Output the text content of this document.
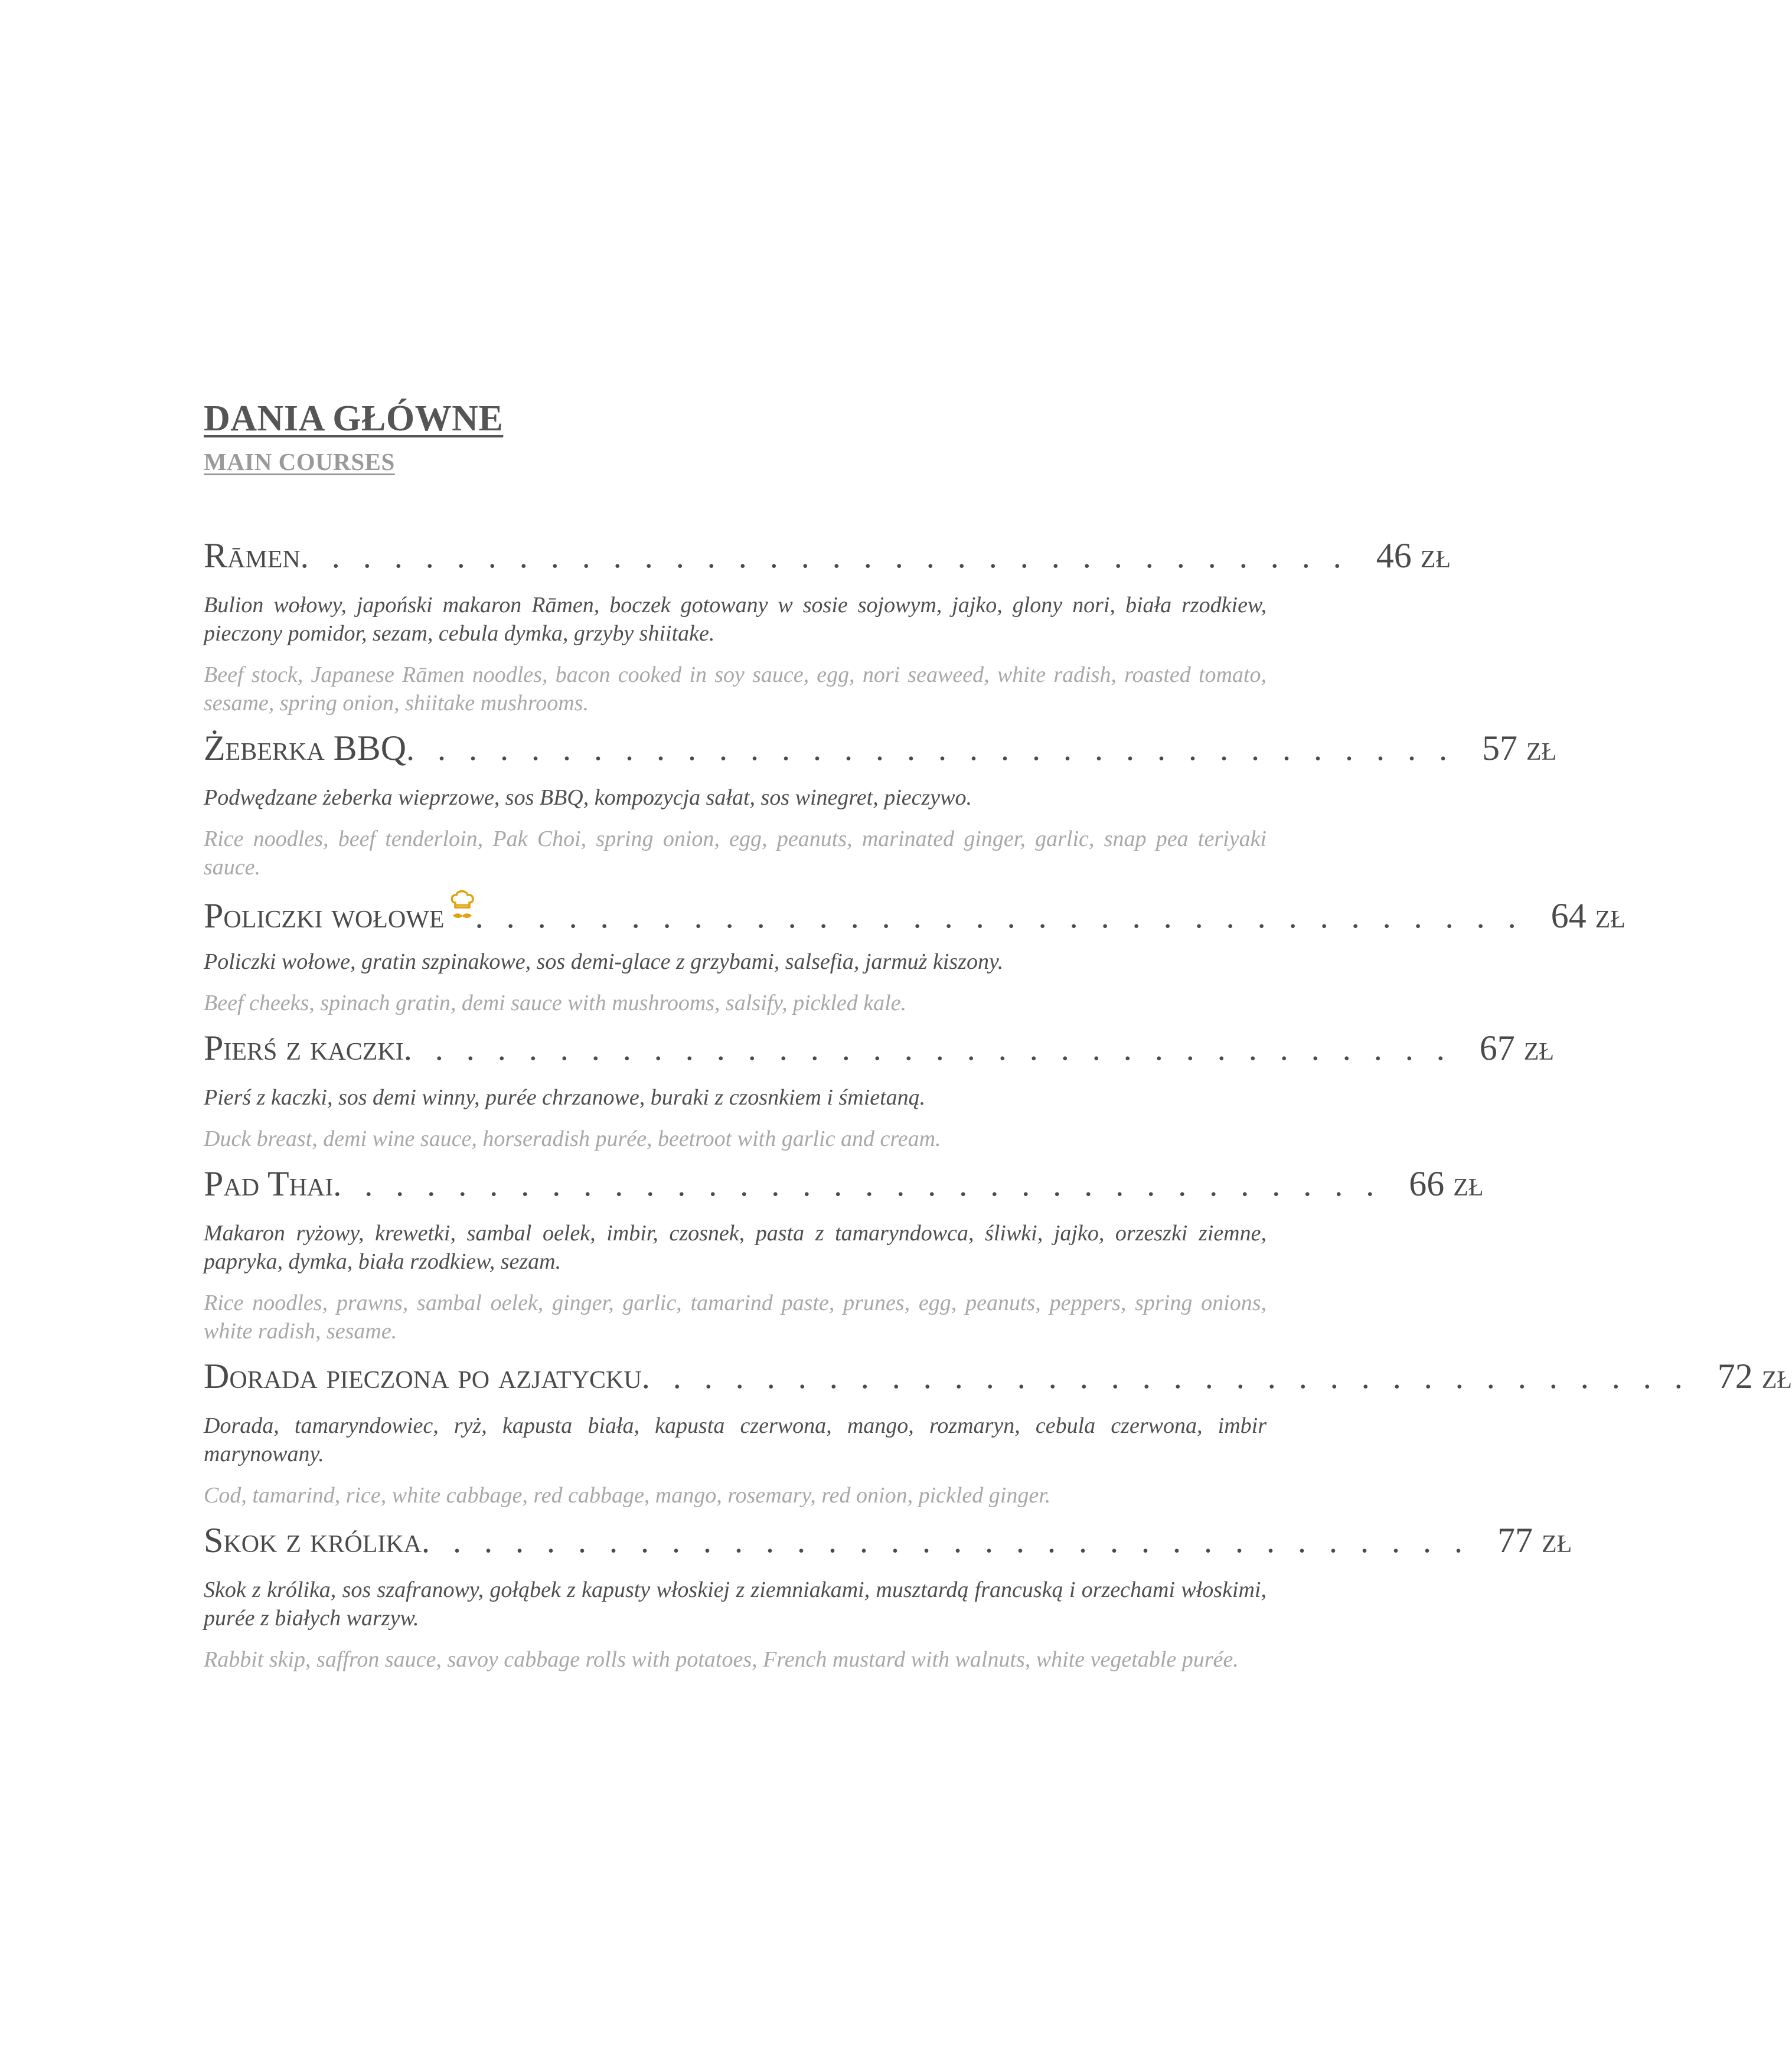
DANIA GŁÓWNE
MAIN COURSES
Rāmen .................................. 46 zł
Bulion wołowy, japoński makaron Rāmen, boczek gotowany w sosie sojowym, jajko, glony nori, biała rzodkiew, pieczony pomidor, sezam, cebula dymka, grzyby shiitake.
Beef stock, Japanese Rāmen noodles, bacon cooked in soy sauce, egg, nori seaweed, white radish, roasted tomato, sesame, spring onion, shiitake mushrooms.
Żeberka BBQ .................................. 57 zł
Podwędzane żeberka wieprzowe, sos BBQ, kompozycja sałat, sos winegret, pieczywo.
Rice noodles, beef tenderloin, Pak Choi, spring onion, egg, peanuts, marinated ginger, garlic, snap pea teriyaki sauce.
Policzki wołowe .................................. 64 zł
Policzki wołowe, gratin szpinakowe, sos demi-glace z grzybami, salsefia, jarmuż kiszony.
Beef cheeks, spinach gratin, demi sauce with mushrooms, salsify, pickled kale.
Pierś z kaczki .................................. 67 zł
Pierś z kaczki, sos demi winny, purée chrzanowe, buraki z czosnkiem i śmietaną.
Duck breast, demi wine sauce, horseradish purée, beetroot with garlic and cream.
Pad Thai .................................. 66 zł
Makaron ryżowy, krewetki, sambal oelek, imbir, czosnek, pasta z tamaryndowca, śliwki, jajko, orzeszki ziemne, papryka, dymka, biała rzodkiew, sezam.
Rice noodles, prawns, sambal oelek, ginger, garlic, tamarind paste, prunes, egg, peanuts, peppers, spring onions, white radish, sesame.
Dorada pieczona po azjatycku .................................. 72 zł
Dorada, tamaryndowiec, ryż, kapusta biała, kapusta czerwona, mango, rozmaryn, cebula czerwona, imbir marynowany.
Cod, tamarind, rice, white cabbage, red cabbage, mango, rosemary, red onion, pickled ginger.
Skok z królika .................................. 77 zł
Skok z królika, sos szafranowy, gołąbek z kapusty włoskiej z ziemniakami, musztardą francuską i orzechami włoskimi, purée z białych warzyw.
Rabbit skip, saffron sauce, savoy cabbage rolls with potatoes, French mustard with walnuts, white vegetable purée.
